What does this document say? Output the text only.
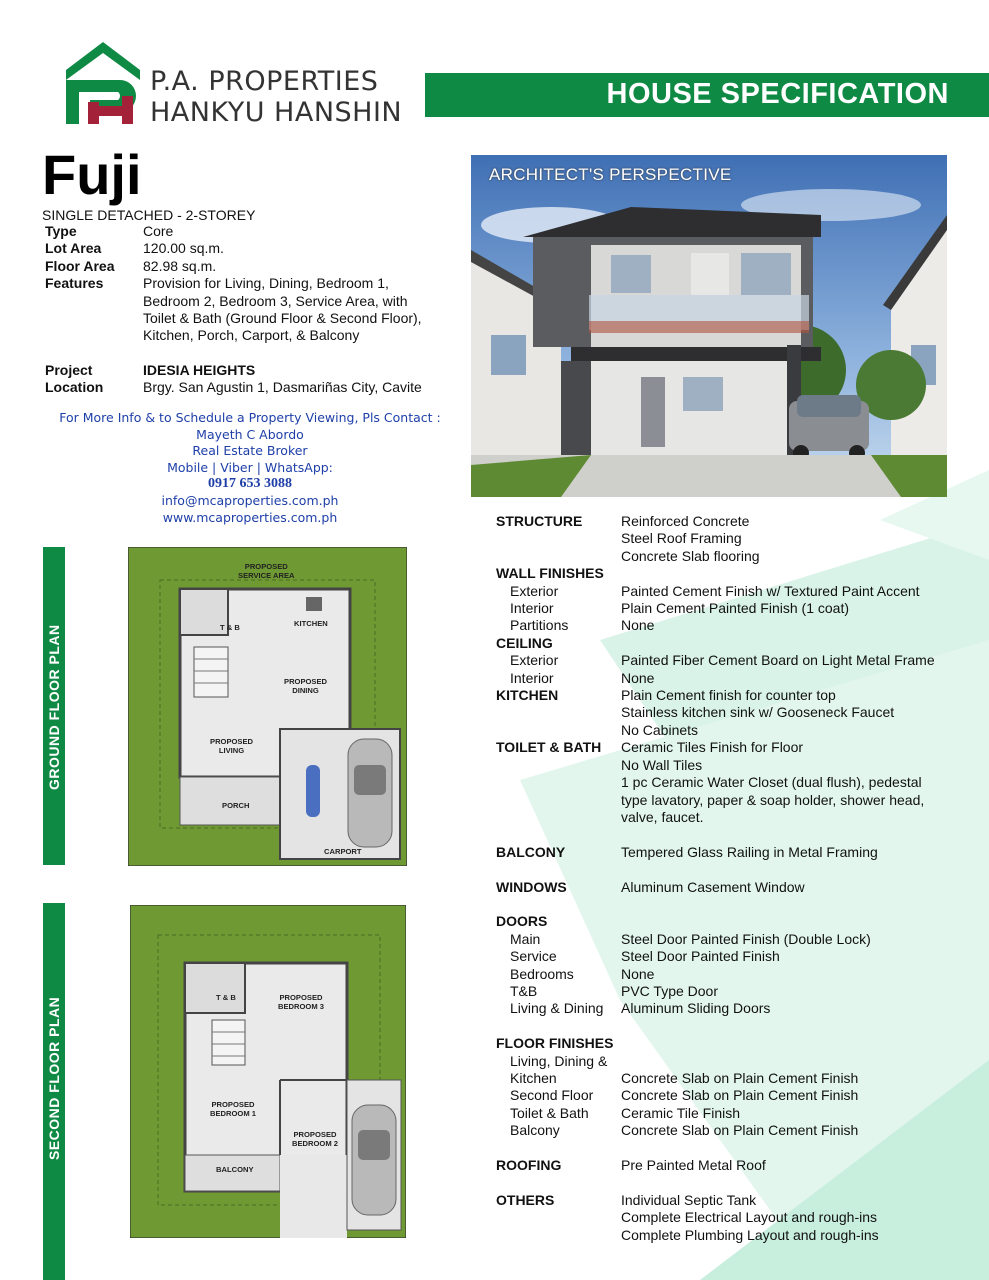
P.A. PROPERTIES
HANKYU HANSHIN
HOUSE SPECIFICATION
Fuji
SINGLE DETACHED - 2-STOREY
Type	Core
Lot Area	120.00 sq.m.
Floor Area	82.98 sq.m.
Features	Provision for Living, Dining, Bedroom 1,
Bedroom 2, Bedroom 3, Service Area, with
Toilet & Bath (Ground Floor & Second Floor),
Kitchen, Porch, Carport, & Balcony
Project	IDESIA HEIGHTS
Location	Brgy. San Agustin 1, Dasmariñas City, Cavite
For More Info & to Schedule a Property Viewing, Pls Contact :
Mayeth C Abordo
Real Estate Broker
Mobile | Viber | WhatsApp:
0917 653 3088
info@mcaproperties.com.ph
www.mcaproperties.com.ph
ARCHITECT'S PERSPECTIVE
GROUND FLOOR PLAN
SECOND FLOOR PLAN
PROPOSED
SERVICE AREA
T & B	KITCHEN
PROPOSED
DINING
PROPOSED
LIVING
PORCH
CARPORT
T & B	PROPOSED
BEDROOM 3
PROPOSED
BEDROOM 1
PROPOSED
BEDROOM 2
BALCONY
STRUCTURE	Reinforced Concrete
Steel Roof Framing
Concrete Slab flooring
WALL FINISHES
Exterior	Painted Cement Finish w/ Textured Paint Accent
Interior	Plain Cement Painted Finish (1 coat)
Partitions	None
CEILING
Exterior	Painted Fiber Cement Board on Light Metal Frame
Interior	None
KITCHEN	Plain Cement finish for counter top
Stainless kitchen sink w/ Gooseneck Faucet
No Cabinets
TOILET & BATH	Ceramic Tiles Finish for Floor
No Wall Tiles
1 pc Ceramic Water Closet (dual flush), pedestal
type lavatory, paper & soap holder, shower head,
valve, faucet.
BALCONY	Tempered Glass Railing in Metal Framing
WINDOWS	Aluminum Casement Window
DOORS
Main	Steel Door Painted Finish (Double Lock)
Service	Steel Door Painted Finish
Bedrooms	None
T&B	PVC Type Door
Living & Dining	Aluminum Sliding Doors
FLOOR FINISHES
Living, Dining &
Kitchen	Concrete Slab on Plain Cement Finish
Second Floor	Concrete Slab on Plain Cement Finish
Toilet & Bath	Ceramic Tile Finish
Balcony	Concrete Slab on Plain Cement Finish
ROOFING	Pre Painted Metal Roof
OTHERS	Individual Septic Tank
Complete Electrical Layout and rough-ins
Complete Plumbing Layout and rough-ins
